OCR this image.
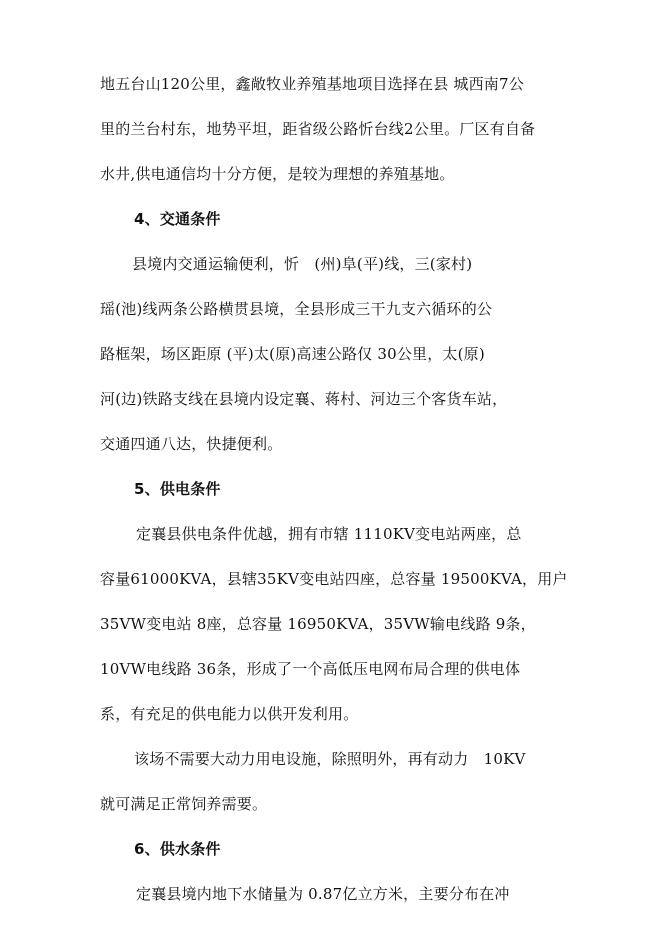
地五台山120公里，鑫敞牧业养殖基地项目选择在县 城西南7公
里的兰台村东，地势平坦，距省级公路忻台线2公里。厂区有自备
水井,供电通信均十分方便，是较为理想的养殖基地。
4、交通条件
县境内交通运输便利，忻　(州)阜(平)线，三(家村)
瑶(池)线两条公路横贯县境，全县形成三干九支六循环的公
路框架，场区距原 (平)太(原)高速公路仅 30公里，太(原)
河(边)铁路支线在县境内设定襄、蒋村、河边三个客货车站，
交通四通八达，快捷便利。
5、供电条件
定襄县供电条件优越，拥有市辖 1110KV变电站两座，总
容量61000KVA，县辖35KV变电站四座，总容量 19500KVA，用户
35VW变电站 8座，总容量 16950KVA，35VW输电线路 9条，
10VW电线路 36条，形成了一个高低压电网布局合理的供电体
系，有充足的供电能力以供开发利用。
该场不需要大动力用电设施，除照明外，再有动力　10KV
就可满足正常饲养需要。
6、供水条件
定襄县境内地下水储量为 0.87亿立方米，主要分布在冲
